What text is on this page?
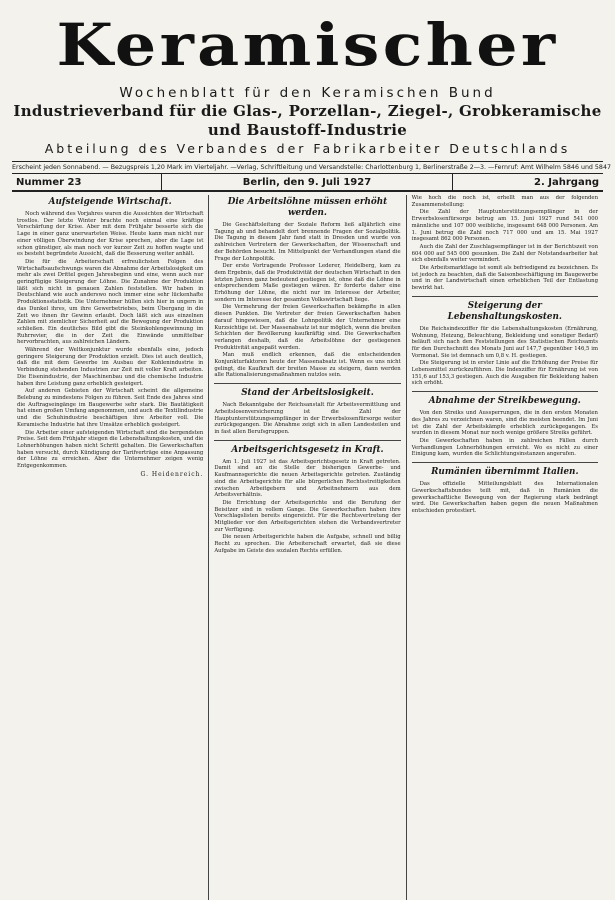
Keramischer
Wochenblatt für den Keramischen Bund
Industrieverband für die Glas-, Porzellan-, Ziegel-, Grobkeramische und Baustoff-Industrie
Abteilung des Verbandes der Fabrikarbeiter Deutschlands
Erscheint jeden Sonnabend. — Bezugspreis 1,20 Mark im Vierteljahr. — Verlag, Schriftleitung und Versandstelle: Charlottenburg 1, Berlinerstraße 2—3. — Fernruf: Amt Wilhelm 5846 und 5847
Nummer 23	Berlin, den 9. Juli 1927	2. Jahrgang
Aufsteigende Wirtschaft.

Noch während des Vorjahres waren die Aussichten der Wirtschaft trostlos. Der letzte Winter brachte noch einmal eine kräftige Verschärfung der Krise. Aber mit dem Frühjahr besserte sich die Lage in einer ganz unerwarteten Weise. Heute kann man nicht nur einer völligen Überwindung der Krise sprechen, aber die Lage ist schon günstiger, als man noch vor kurzer Zeit zu hoffen wagte und es besteht begründete Aussicht, daß die Besserung weiter anhält.

Die für die Arbeiterschaft erfreulichsten Folgen des Wirtschaftsaufschwungs waren die Abnahme der Arbeitslosigkeit um mehr als zwei Drittel gegen Jahresbeginn und eine, wenn auch nur geringfügige Steigerung der Löhne. Die Zunahme der Produktion läßt sich nicht in genauen Zahlen feststellen. Wir haben in Deutschland wie auch anderswo noch immer eine sehr lückenhafte Produktionsstatistik. Die Unternehmer hüllen sich hier in ungern in das Dunkel ihres, um ihre Gewerbetriebes, beim Übergang in die Zeit wo ihnen ihr Gewinn erlaubt. Doch läßt sich aus einzelnen Zahlen mit ziemlicher Sicherheit auf die Bewegung der Produktion schließen. Ein deutliches Bild gibt die Steinkohlengewinnung im Ruhrrevier, die in der Zeit die Einwände unmittelbar hervorbrachten, aus zahlreichen Ländern.

Während der Weltkonjunktur wurde ebenfalls eine, jedoch geringere Steigerung der Produktion erzielt. Dies ist auch deutlich, daß die mit dem Gewerbe im Ausbau der Kohlenindustrie in Verbindung stehenden Industrien zur Zeit mit voller Kraft arbeiten. Die Eisenindustrie, der Maschinenbau und die chemische Industrie haben ihre Leistung ganz erheblich gesteigert.

Auf anderen Gebieten der Wirtschaft scheint die allgemeine Belebung zu mindestens Folgen zu führen. Seit Ende des Jahres sind die Auftragseingänge im Baugewerbe sehr stark. Die Bautätigkeit hat einen großen Umfang angenommen, und auch die Textilindustrie und die Schuhindustrie beschäftigen ihre Arbeiter voll. Die Keramische Industrie hat ihre Umsätze erheblich gesteigert.

Die Arbeiter einer aufsteigenden Wirtschaft sind die bergendsten Preise. Seit dem Frühjahr stiegen die Lebenshaltungskosten, und die Lohnerhöhungen haben nicht Schritt gehalten. Die Gewerkschaften haben versucht, durch Kündigung der Tarifverträge eine Anpassung der Löhne zu erreichen. Aber die Unternehmer zeigen wenig Entgegenkommen.

G. Heidenreich.
Die Arbeitslöhne müssen erhöht werden.

Die Geschäftsleitung der Soziale Reform ließ alljährlich eine Tagung ab und behandelt dort brennende Fragen der Sozialpolitik. Die Tagung in diesem Jahr fand statt in Dresden und wurde von zahlreichen Vertretern der Gewerkschaften, der Wissenschaft und der Behörden besucht. Im Mittelpunkt der Verhandlungen stand die Frage der Lohnpolitik.

Der erste Vortragende Professor Lederer, Heidelberg, kam zu dem Ergebnis, daß die Produktivität der deutschen Wirtschaft in den letzten Jahren ganz bedeutend gestiegen ist, ohne daß die Löhne in entsprechendem Maße gestiegen wären. Er forderte daher eine Erhöhung der Löhne, die nicht nur im Interesse der Arbeiter, sondern im Interesse der gesamten Volkswirtschaft liege.

Die Vermehrung der freien Gewerkschaften bekämpfte in allen diesen Punkten. Die Vertreter der freien Gewerkschaften haben darauf hingewiesen, daß die Lohnpolitik der Unternehmer eine Kurzsichtige ist. Der Massenabsatz ist nur möglich, wenn die breiten Schichten der Bevölkerung kaufkräftig sind. Die Gewerkschaften verlangen deshalb, daß die Arbeitslöhne der gestiegenen Produktivität angepaßt werden.

Man muß endlich erkennen, daß die entscheidenden Konjunkturfaktoren heute der Massenabsatz ist. Wenn es uns nicht gelingt, die Kaufkraft der breiten Masse zu steigern, dann werden alle Rationalisierungsmaßnahmen nutzlos sein.

Stand der Arbeitslosigkeit.

Nach Bekanntgabe der Reichsanstalt für Arbeitsvermittlung und Arbeitslosenversicherung ist die Zahl der Hauptunterstützungsempfänger in der Erwerbslosenfürsorge weiter zurückgegangen. Die Abnahme zeigt sich in allen Landesteilen und in fast allen Berufsgruppen.

Arbeitsgerichtsgesetz in Kraft.

Am 1. Juli 1927 ist das Arbeitsgerichtsgesetz in Kraft getreten. Damit sind an die Stelle der bisherigen Gewerbe- und Kaufmannsgerichte die neuen Arbeitsgerichte getreten. Zuständig sind die Arbeitsgerichte für alle bürgerlichen Rechtsstreitigkeiten zwischen Arbeitgebern und Arbeitnehmern aus dem Arbeitsverhältnis.

Die Errichtung der Arbeitsgerichte und die Berufung der Beisitzer sind in vollem Gange. Die Gewerkschaften haben ihre Vorschlagslisten bereits eingereicht. Für die Rechtsvertretung der Mitglieder vor den Arbeitsgerichten stehen die Verbandsvertreter zur Verfügung.

Die neuen Arbeitsgerichte haben die Aufgabe, schnell und billig Recht zu sprechen. Die Arbeiterschaft erwartet, daß sie diese Aufgabe im Geiste des sozialen Rechts erfüllen.

Wie hoch die noch ist, erhellt man aus der folgenden Zusammenstellung:

Die Zahl der Hauptunterstützungsempfänger in der Erwerbslosenfürsorge betrug am 15. Juni 1927 rund 541 000 männliche und 107 000 weibliche, insgesamt 648 000 Personen. Am 1. Juni betrug die Zahl noch 717 000 und am 15. Mai 1927 insgesamt 862 000 Personen.

Auch die Zahl der Zuschlagsempfänger ist in der Berichtszeit von 604 000 auf 545 000 gesunken. Die Zahl der Notstandsarbeiter hat sich ebenfalls weiter vermindert.

Die Arbeitsmarktlage ist somit als befriedigend zu bezeichnen. Es ist jedoch zu beachten, daß die Saisonbeschäftigung im Baugewerbe und in der Landwirtschaft einen erheblichen Teil der Entlastung bewirkt hat.

Steigerung der Lebenshaltungskosten.

Die Reichsindexziffer für die Lebenshaltungskosten (Ernährung, Wohnung, Heizung, Beleuchtung, Bekleidung und sonstiger Bedarf) beläuft sich nach den Feststellungen des Statistischen Reichsamts für den Durchschnitt des Monats Juni auf 147,7 gegenüber 146,5 im Vormonat. Sie ist demnach um 0,8 v. H. gestiegen.

Die Steigerung ist in erster Linie auf die Erhöhung der Preise für Lebensmittel zurückzuführen. Die Indexziffer für Ernährung ist von 151,6 auf 153,3 gestiegen. Auch die Ausgaben für Bekleidung haben sich erhöht.

Abnahme der Streikbewegung.

Von den Streiks und Aussperrungen, die in den ersten Monaten des Jahres zu verzeichnen waren, sind die meisten beendet. Im Juni ist die Zahl der Arbeitskämpfe erheblich zurückgegangen. Es wurden in diesem Monat nur noch wenige größere Streiks geführt.

Die Gewerkschaften haben in zahlreichen Fällen durch Verhandlungen Lohnerhöhungen erreicht. Wo es nicht zu einer Einigung kam, wurden die Schlichtungsinstanzen angerufen.

Rumänien übernimmt Italien.

Das offizielle Mitteilungsblatt des Internationalen Gewerkschaftsbundes teilt mit, daß in Rumänien die gewerkschaftliche Bewegung von der Regierung stark bedrängt wird. Die Gewerkschaften haben gegen die neuen Maßnahmen entschieden protestiert.
